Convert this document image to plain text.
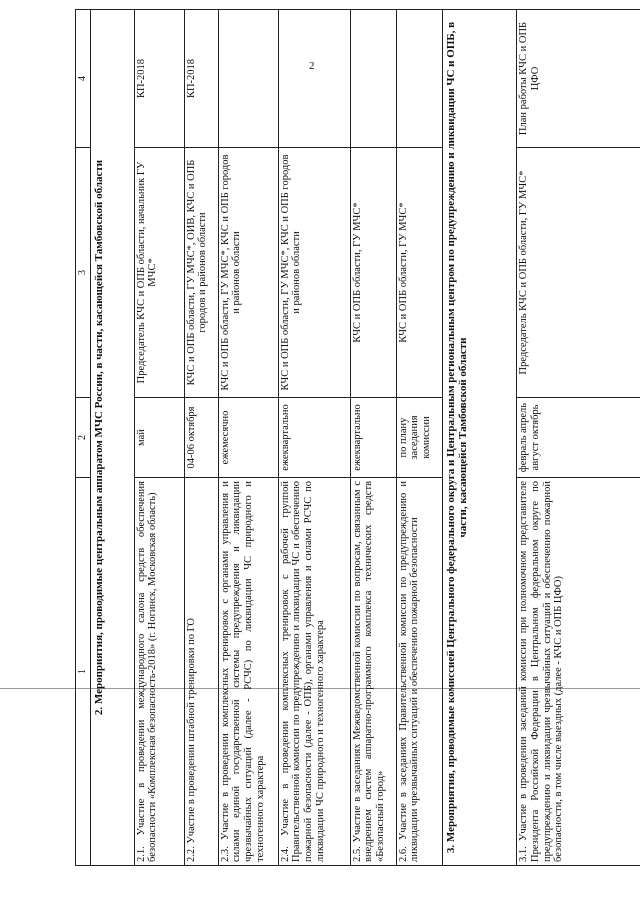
2
1	2	3	4
2. Мероприятия, проводимые центральным аппаратом МЧС России, в части, касающейся Тамбовской области			
2.1. Участие в проведении международного салона средств обеспечения безопасности «Комплексная безопасность-2018» (г. Ногинск, Московская область)	май	Председатель КЧС и ОПБ области, начальник ГУ МЧС*	КП-2018
2.2. Участие в проведении штабной тренировки по ГО	04-06 октября	КЧС и ОПБ области, ГУ МЧС*, ОИВ, КЧС и ОПБ городов и районов области	КП-2018
2.3. Участие в проведении комплексных тренировок с органами управления и силами единой государственной системы предупреждения и ликвидации чрезвычайных ситуаций (далее - РСЧС) по ликвидации ЧС природного и техногенного характера	ежемесячно	КЧС и ОПБ области, ГУ МЧС*, КЧС и ОПБ городов и районов области	
2.4. Участие в проведении комплексных тренировок с рабочей группой Правительственной комиссии по предупреждению и ликвидации ЧС и обеспечению пожарной безопасности (далее - ОПБ), органами управления и силами РСЧС по ликвидации ЧС природного и техногенного характера	ежеквартально	КЧС и ОПБ области, ГУ МЧС*, КЧС и ОПБ городов и районов области	
2.5. Участие в заседаниях Межведомственной комиссии по вопросам, связанным с внедрением систем аппаратно-программного комплекса технических средств «Безопасный город»	ежеквартально	КЧС и ОПБ области, ГУ МЧС*	
2.6. Участие в заседаниях Правительственной комиссии по предупреждению и ликвидации чрезвычайных ситуаций и обеспечению пожарной безопасности	по плану заседания комиссии	КЧС и ОПБ области, ГУ МЧС*	
3. Мероприятия, проводимые комиссией Центрального федерального округа и Центральным региональным центром по предупреждению и ликвидации ЧС и ОПБ, в части, касающейся Тамбовской области			
3.1. Участие в проведении заседаний комиссии при полномочном представителе Президента Российской Федерации в Центральном федеральном округе по предупреждению и ликвидации чрезвычайных ситуаций и обеспечению пожарной безопасности, в том числе выездных (далее - КЧС и ОПБ ЦФО)	февраль апрель август октябрь	Председатель КЧС и ОПБ области, ГУ МЧС*	План работы КЧС и ОПБ ЦФО
